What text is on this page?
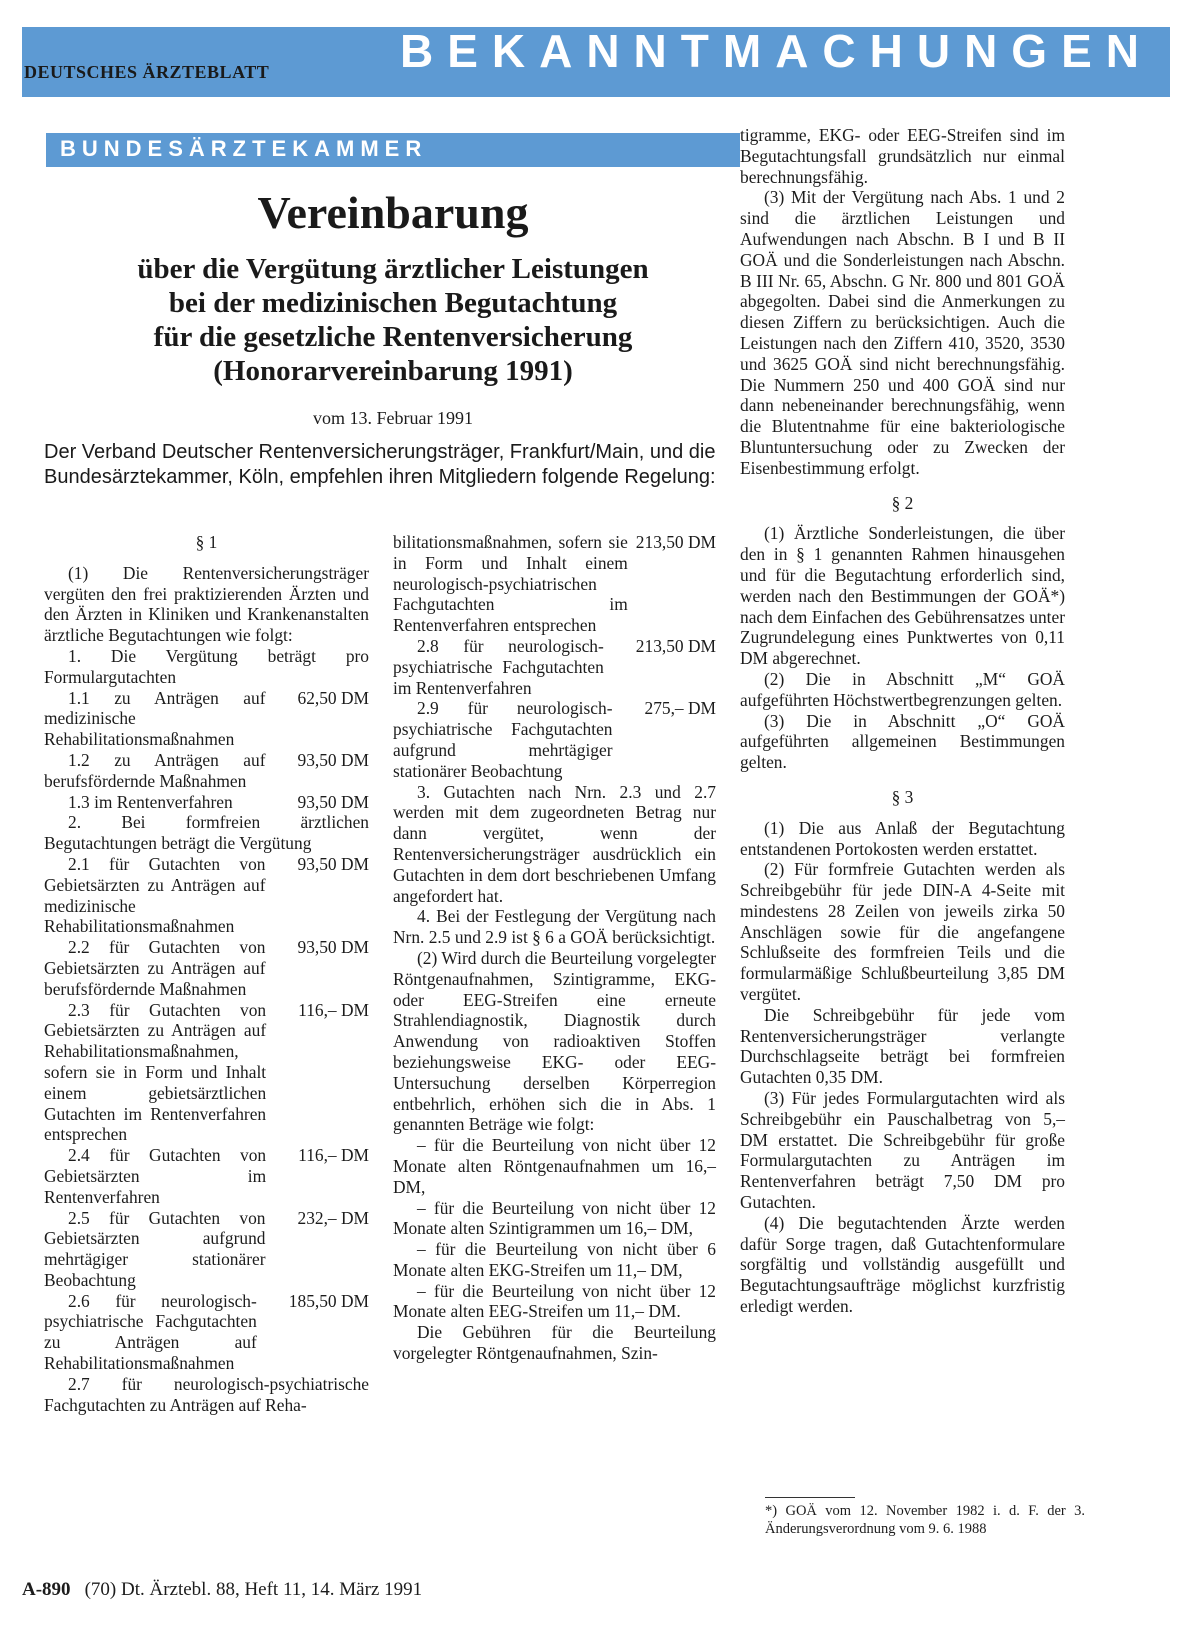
DEUTSCHES ÄRZTEBLATT	BEKANNTMACHUNGEN
BUNDESÄRZTEKAMMER
Vereinbarung
über die Vergütung ärztlicher Leistungen
bei der medizinischen Begutachtung
für die gesetzliche Rentenversicherung
(Honorarvereinbarung 1991)
vom 13. Februar 1991
Der Verband Deutscher Rentenversicherungsträger, Frankfurt/Main, und die Bundesärztekammer, Köln, empfehlen ihren Mitgliedern folgende Regelung:

§ 1

(1) Die Rentenversicherungsträger vergüten den frei praktizierenden Ärzten und den Ärzten in Kliniken und Krankenanstalten ärztliche Begutachtungen wie folgt:

1. Die Vergütung beträgt pro Formulargutachten

1.1 zu Anträgen auf medizinische Rehabilitationsmaßnahmen
62,50 DM

1.2 zu Anträgen auf berufsfördernde Maßnahmen
93,50 DM

1.3 im Rentenverfahren	93,50 DM

2. Bei formfreien ärztlichen Begutachtungen beträgt die Vergütung

2.1 für Gutachten von Gebietsärzten zu Anträgen auf medizinische Rehabilitationsmaßnahmen
93,50 DM

2.2 für Gutachten von Gebietsärzten zu Anträgen auf berufsfördernde Maßnahmen
93,50 DM

2.3 für Gutachten von Gebietsärzten zu Anträgen auf Rehabilitationsmaßnahmen, sofern sie in Form und Inhalt einem gebietsärztlichen Gutachten im Rentenverfahren entsprechen
116,– DM

2.4 für Gutachten von Gebietsärzten im Rentenverfahren
116,– DM

2.5 für Gutachten von Gebietsärzten aufgrund mehrtägiger stationärer Beobachtung
232,– DM

2.6 für neurologisch-psychiatrische Fachgutachten zu Anträgen auf Rehabilitationsmaßnahmen
185,50 DM

2.7 für neurologisch-psychiatrische Fachgutachten zu Anträgen auf Reha-

bilitationsmaßnahmen, sofern sie in Form und Inhalt einem neurologisch-psychiatrischen Fachgutachten im Rentenverfahren entsprechen
213,50 DM

2.8 für neurologisch-psychiatrische Fachgutachten im Rentenverfahren
213,50 DM

2.9 für neurologisch-psychiatrische Fachgutachten aufgrund mehrtägiger stationärer Beobachtung
275,– DM

3. Gutachten nach Nrn. 2.3 und 2.7 werden mit dem zugeordneten Betrag nur dann vergütet, wenn der Rentenversicherungsträger ausdrücklich ein Gutachten in dem dort beschriebenen Umfang angefordert hat.

4. Bei der Festlegung der Vergütung nach Nrn. 2.5 und 2.9 ist § 6 a GOÄ berücksichtigt.

(2) Wird durch die Beurteilung vorgelegter Röntgenaufnahmen, Szintigramme, EKG- oder EEG-Streifen eine erneute Strahlendiagnostik, Diagnostik durch Anwendung von radioaktiven Stoffen beziehungsweise EKG- oder EEG-Untersuchung derselben Körperregion entbehrlich, erhöhen sich die in Abs. 1 genannten Beträge wie folgt:

– für die Beurteilung von nicht über 12 Monate alten Röntgenaufnahmen um 16,– DM,

– für die Beurteilung von nicht über 12 Monate alten Szintigrammen um 16,– DM,

– für die Beurteilung von nicht über 6 Monate alten EKG-Streifen um 11,– DM,

– für die Beurteilung von nicht über 12 Monate alten EEG-Streifen um 11,– DM.

Die Gebühren für die Beurteilung vorgelegter Röntgenaufnahmen, Szin-

tigramme, EKG- oder EEG-Streifen sind im Begutachtungsfall grundsätzlich nur einmal berechnungsfähig.

(3) Mit der Vergütung nach Abs. 1 und 2 sind die ärztlichen Leistungen und Aufwendungen nach Abschn. B I und B II GOÄ und die Sonderleistungen nach Abschn. B III Nr. 65, Abschn. G Nr. 800 und 801 GOÄ abgegolten. Dabei sind die Anmerkungen zu diesen Ziffern zu berücksichtigen. Auch die Leistungen nach den Ziffern 410, 3520, 3530 und 3625 GOÄ sind nicht berechnungsfähig. Die Nummern 250 und 400 GOÄ sind nur dann nebeneinander berechnungsfähig, wenn die Blutentnahme für eine bakteriologische Bluntuntersuchung oder zu Zwecken der Eisenbestimmung erfolgt.

§ 2

(1) Ärztliche Sonderleistungen, die über den in § 1 genannten Rahmen hinausgehen und für die Begutachtung erforderlich sind, werden nach den Bestimmungen der GOÄ*) nach dem Einfachen des Gebührensatzes unter Zugrundelegung eines Punktwertes von 0,11 DM abgerechnet.

(2) Die in Abschnitt „M“ GOÄ aufgeführten Höchstwertbegrenzungen gelten.

(3) Die in Abschnitt „O“ GOÄ aufgeführten allgemeinen Bestimmungen gelten.

§ 3

(1) Die aus Anlaß der Begutachtung entstandenen Portokosten werden erstattet.

(2) Für formfreie Gutachten werden als Schreibgebühr für jede DIN-A 4-Seite mit mindestens 28 Zeilen von jeweils zirka 50 Anschlägen sowie für die angefangene Schlußseite des formfreien Teils und die formularmäßige Schlußbeurteilung 3,85 DM vergütet.

Die Schreibgebühr für jede vom Rentenversicherungsträger verlangte Durchschlagseite beträgt bei formfreien Gutachten 0,35 DM.

(3) Für jedes Formulargutachten wird als Schreibgebühr ein Pauschalbetrag von 5,– DM erstattet. Die Schreibgebühr für große Formulargutachten zu Anträgen im Rentenverfahren beträgt 7,50 DM pro Gutachten.

(4) Die begutachtenden Ärzte werden dafür Sorge tragen, daß Gutachtenformulare sorgfältig und vollständig ausgefüllt und Begutachtungsaufträge möglichst kurzfristig erledigt werden.

*) GOÄ vom 12. November 1982 i. d. F. der 3. Änderungsverordnung vom 9. 6. 1988
A-890 (70) Dt. Ärztebl. 88, Heft 11, 14. März 1991
